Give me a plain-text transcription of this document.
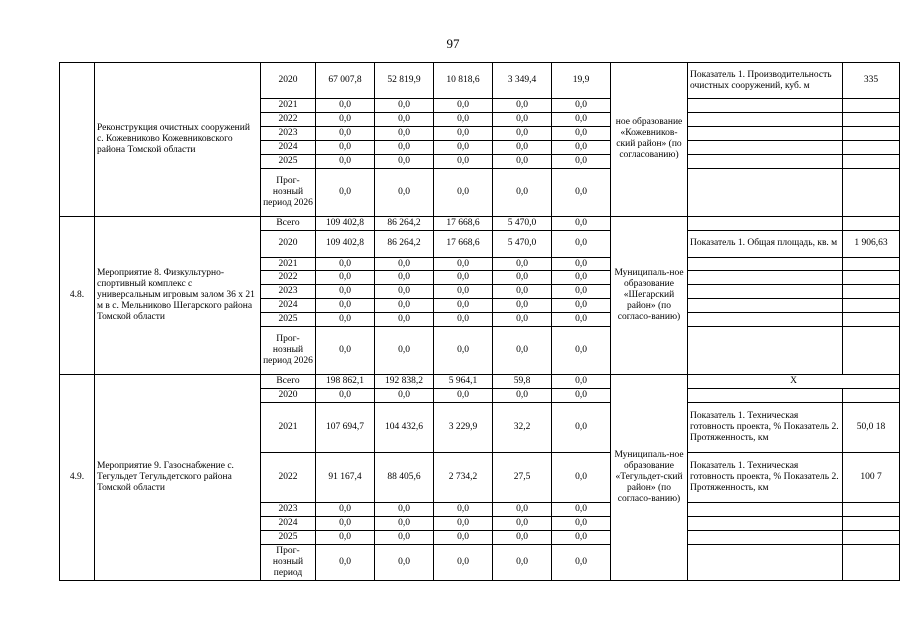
97
	Реконструкция очистных сооружений с. Кожевниково Кожевниковского района Томской области	2020	67 007,8	52 819,9	10 818,6	3 349,4	19,9	ное образование «Кожевников-ский район» (по согласованию)	Показатель 1. Производительность очистных сооружений, куб. м	335
		2021	0,0	0,0	0,0	0,0	0,0			
		2022	0,0	0,0	0,0	0,0	0,0			
		2023	0,0	0,0	0,0	0,0	0,0			
		2024	0,0	0,0	0,0	0,0	0,0			
		2025	0,0	0,0	0,0	0,0	0,0			
		Прог-нозный период 2026	0,0	0,0	0,0	0,0	0,0			
4.8.	Мероприятие 8. Физкультурно-спортивный комплекс с универсальным игровым залом 36 х 21 м в с. Мельниково Шегарского района Томской области	Всего	109 402,8	86 264,2	17 668,6	5 470,0	0,0	Муниципаль-ное образование «Шегарский район» (по согласо-ванию)		
		2020	109 402,8	86 264,2	17 668,6	5 470,0	0,0		Показатель 1. Общая площадь, кв. м	1 906,63
		2021	0,0	0,0	0,0	0,0	0,0			
		2022	0,0	0,0	0,0	0,0	0,0			
		2023	0,0	0,0	0,0	0,0	0,0			
		2024	0,0	0,0	0,0	0,0	0,0			
		2025	0,0	0,0	0,0	0,0	0,0			
		Прог-нозный период 2026	0,0	0,0	0,0	0,0	0,0			
4.9.	Мероприятие 9. Газоснабжение с. Тегульдет Тегульдетского района Томской области	Всего	198 862,1	192 838,2	5 964,1	59,8	0,0	Муниципаль-ное образование «Тегульдет-ский район» (по согласо-ванию)	Х	
		2020	0,0	0,0	0,0	0,0	0,0			
		2021	107 694,7	104 432,6	3 229,9	32,2	0,0		Показатель 1. Техническая готовность проекта, % Показатель 2. Протяженность, км	50,0 18
		2022	91 167,4	88 405,6	2 734,2	27,5	0,0		Показатель 1. Техническая готовность проекта, % Показатель 2. Протяженность, км	100 7
		2023	0,0	0,0	0,0	0,0	0,0			
		2024	0,0	0,0	0,0	0,0	0,0			
		2025	0,0	0,0	0,0	0,0	0,0			
		Прог-нозный период	0,0	0,0	0,0	0,0	0,0			
